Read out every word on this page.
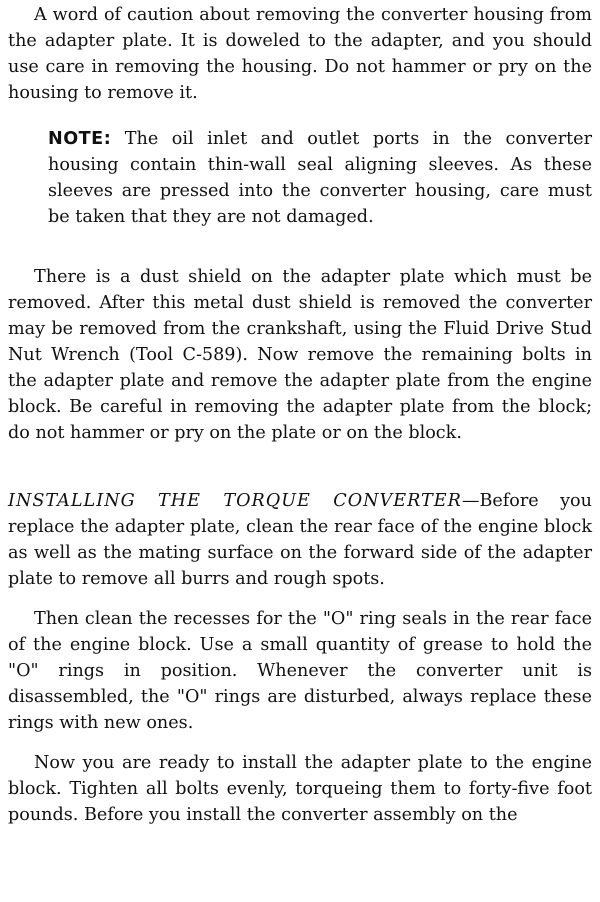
A word of caution about removing the converter housing from the adapter plate. It is doweled to the adapter, and you should use care in removing the housing. Do not hammer or pry on the housing to remove it.

NOTE: The oil inlet and outlet ports in the converter housing contain thin-wall seal aligning sleeves. As these sleeves are pressed into the converter housing, care must be taken that they are not damaged.

There is a dust shield on the adapter plate which must be removed. After this metal dust shield is removed the converter may be removed from the crankshaft, using the Fluid Drive Stud Nut Wrench (Tool C-589). Now remove the remaining bolts in the adapter plate and remove the adapter plate from the engine block. Be careful in removing the adapter plate from the block; do not hammer or pry on the plate or on the block.

INSTALLING THE TORQUE CONVERTER—Before you replace the adapter plate, clean the rear face of the engine block as well as the mating surface on the forward side of the adapter plate to remove all burrs and rough spots.

Then clean the recesses for the "O" ring seals in the rear face of the engine block. Use a small quantity of grease to hold the "O" rings in position. Whenever the converter unit is disassembled, the "O" rings are disturbed, always replace these rings with new ones.

Now you are ready to install the adapter plate to the engine block. Tighten all bolts evenly, torqueing them to forty-five foot pounds. Before you install the converter assembly on the
